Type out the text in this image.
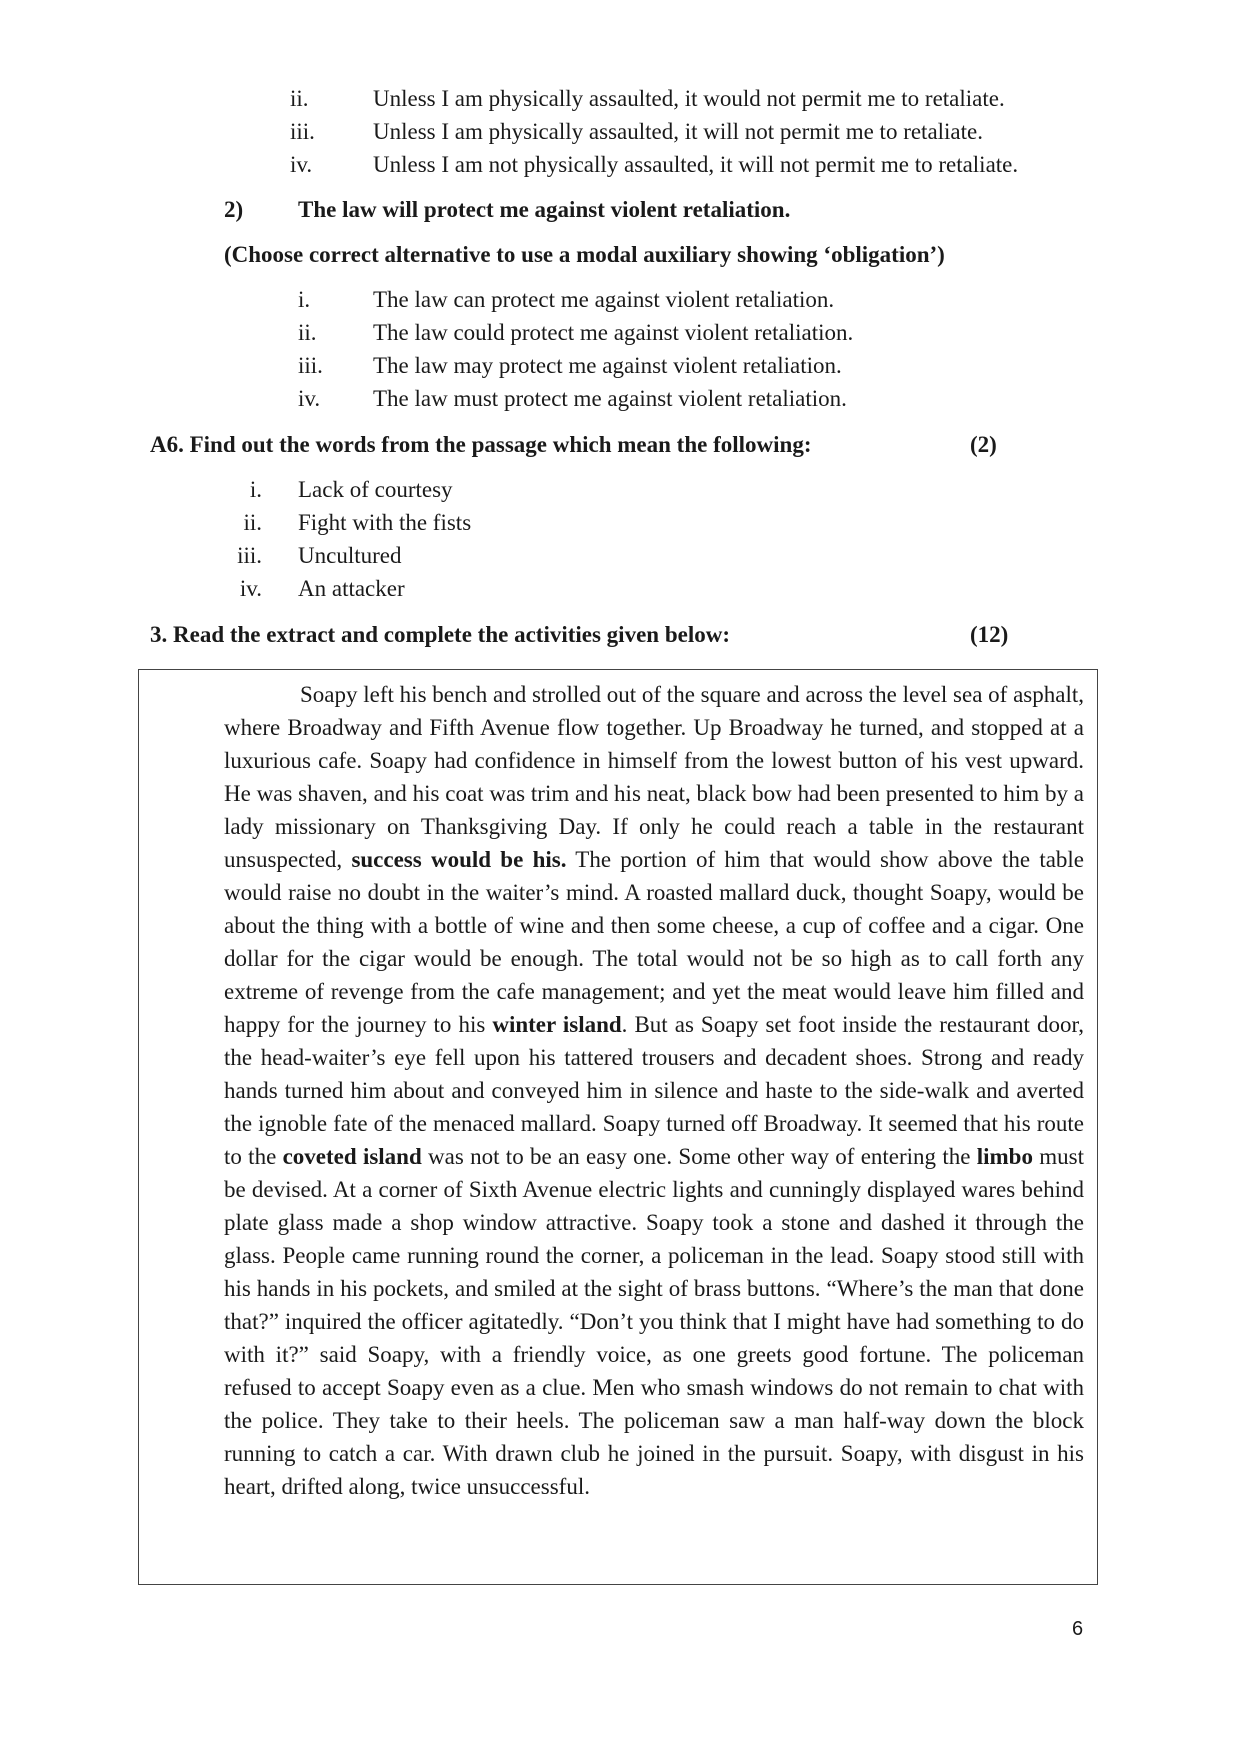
ii.	Unless I am physically assaulted, it would not permit me to retaliate.
iii.	Unless I am physically assaulted, it will not permit me to retaliate.
iv.	Unless I am not physically assaulted, it will not permit me to retaliate.
2) The law will protect me against violent retaliation.
(Choose correct alternative to use a modal auxiliary showing ‘obligation’)
i.	The law can protect me against violent retaliation.
ii. The law could protect me against violent retaliation.
iii. The law may protect me against violent retaliation.
iv. The law must protect me against violent retaliation.
A6. Find out the words from the passage which mean the following:	(2)
i. Lack of courtesy
ii. Fight with the fists
iii. Uncultured
iv. An attacker
3. Read the extract and complete the activities given below:	(12)
Soapy left his bench and strolled out of the square and across the level sea of asphalt, where Broadway and Fifth Avenue flow together. Up Broadway he turned, and stopped at a luxurious cafe. Soapy had confidence in himself from the lowest button of his vest upward. He was shaven, and his coat was trim and his neat, black bow had been presented to him by a lady missionary on Thanksgiving Day. If only he could reach a table in the restaurant unsuspected, success would be his. The portion of him that would show above the table would raise no doubt in the waiter’s mind. A roasted mallard duck, thought Soapy, would be about the thing with a bottle of wine and then some cheese, a cup of coffee and a cigar. One dollar for the cigar would be enough. The total would not be so high as to call forth any extreme of revenge from the cafe management; and yet the meat would leave him filled and happy for the journey to his winter island. But as Soapy set foot inside the restaurant door, the head-waiter’s eye fell upon his tattered trousers and decadent shoes. Strong and ready hands turned him about and conveyed him in silence and haste to the side-walk and averted the ignoble fate of the menaced mallard. Soapy turned off Broadway. It seemed that his route to the coveted island was not to be an easy one. Some other way of entering the limbo must be devised. At a corner of Sixth Avenue electric lights and cunningly displayed wares behind plate glass made a shop window attractive. Soapy took a stone and dashed it through the glass. People came running round the corner, a policeman in the lead. Soapy stood still with his hands in his pockets, and smiled at the sight of brass buttons. “Where’s the man that done that?” inquired the officer agitatedly. “Don’t you think that I might have had something to do with it?” said Soapy, with a friendly voice, as one greets good fortune. The policeman refused to accept Soapy even as a clue. Men who smash windows do not remain to chat with the police. They take to their heels. The policeman saw a man half-way down the block running to catch a car. With drawn club he joined in the pursuit. Soapy, with disgust in his heart, drifted along, twice unsuccessful.
6
